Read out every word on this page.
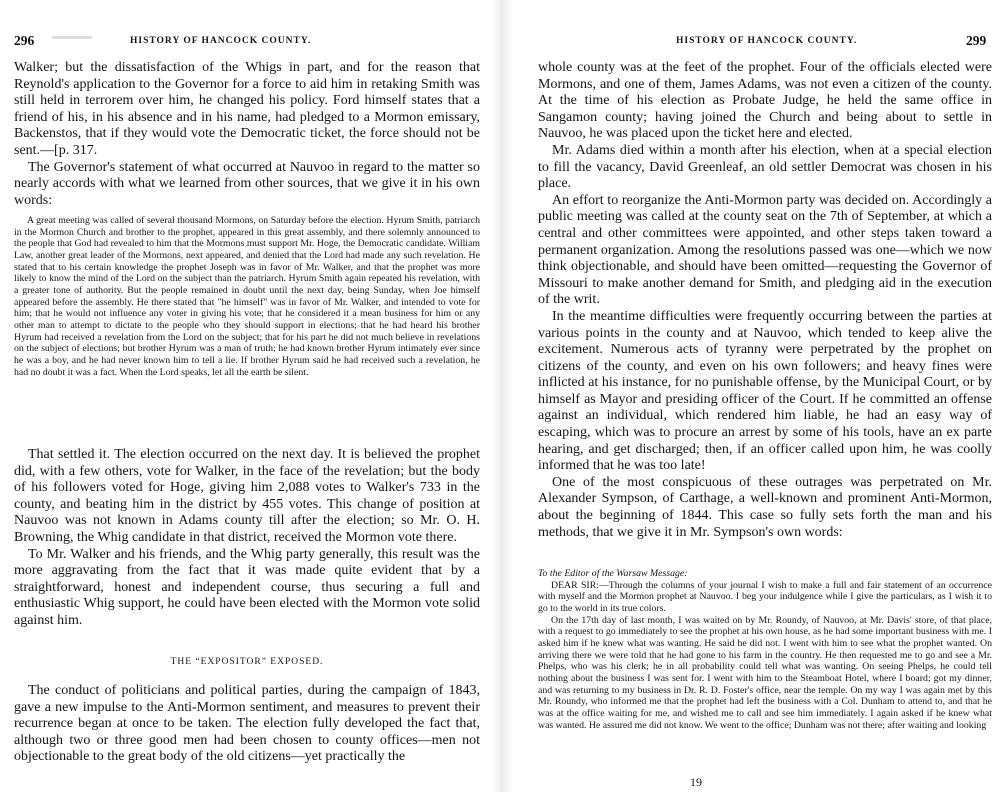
296	HISTORY OF HANCOCK COUNTY.

Walker; but the dissatisfaction of the Whigs in part, and for the reason that Reynold's application to the Governor for a force to aid him in retaking Smith was still held in terrorem over him, he changed his policy. Ford himself states that a friend of his, in his absence and in his name, had pledged to a Mormon emissary, Backenstos, that if they would vote the Democratic ticket, the force should not be sent.—[p. 317.

The Governor's statement of what occurred at Nauvoo in regard to the matter so nearly accords with what we learned from other sources, that we give it in his own words:

A great meeting was called of several thousand Mormons, on Saturday before the election. Hyrum Smith, patriarch in the Mormon Church and brother to the prophet, appeared in this great assembly, and there solemnly announced to the people that God had revealed to him that the Mormons must support Mr. Hoge, the Democratic candidate. William Law, another great leader of the Mormons, next appeared, and denied that the Lord had made any such revelation. He stated that to his certain knowledge the prophet Joseph was in favor of Mr. Walker, and that the prophet was more likely to know the mind of the Lord on the subject than the patriarch. Hyrum Smith again repeated his revelation, with a greater tone of authority. But the people remained in doubt until the next day, being Sunday, when Joe himself appeared before the assembly. He there stated that "he himself" was in favor of Mr. Walker, and intended to vote for him; that he would not influence any voter in giving his vote; that he considered it a mean business for him or any other man to attempt to dictate to the people who they should support in elections; that he had heard his brother Hyrum had received a revelation from the Lord on the subject; that for his part he did not much believe in revelations on the subject of elections; but brother Hyrum was a man of truth; he had known brother Hyrum intimately ever since he was a boy, and he had never known him to tell a lie. If brother Hyrum said he had received such a revelation, he had no doubt it was a fact. When the Lord speaks, let all the earth be silent.

That settled it. The election occurred on the next day. It is believed the prophet did, with a few others, vote for Walker, in the face of the revelation; but the body of his followers voted for Hoge, giving him 2,088 votes to Walker's 733 in the county, and beating him in the district by 455 votes. This change of position at Nauvoo was not known in Adams county till after the election; so Mr. O. H. Browning, the Whig candidate in that district, received the Mormon vote there.

To Mr. Walker and his friends, and the Whig party generally, this result was the more aggravating from the fact that it was made quite evident that by a straightforward, honest and independent course, thus securing a full and enthusiastic Whig support, he could have been elected with the Mormon vote solid against him.

THE “EXPOSITOR” EXPOSED.

The conduct of politicians and political parties, during the campaign of 1843, gave a new impulse to the Anti-Mormon sentiment, and measures to prevent their recurrence began at once to be taken. The election fully developed the fact that, although two or three good men had been chosen to county offices—men not objectionable to the great body of the old citizens—yet practically the

HISTORY OF HANCOCK COUNTY.	299

whole county was at the feet of the prophet. Four of the officials elected were Mormons, and one of them, James Adams, was not even a citizen of the county. At the time of his election as Probate Judge, he held the same office in Sangamon county; having joined the Church and being about to settle in Nauvoo, he was placed upon the ticket here and elected.

Mr. Adams died within a month after his election, when at a special election to fill the vacancy, David Greenleaf, an old settler Democrat was chosen in his place.

An effort to reorganize the Anti-Mormon party was decided on. Accordingly a public meeting was called at the county seat on the 7th of September, at which a central and other committees were appointed, and other steps taken toward a permanent organization. Among the resolutions passed was one—which we now think objectionable, and should have been omitted—requesting the Governor of Missouri to make another demand for Smith, and pledging aid in the execution of the writ.

In the meantime difficulties were frequently occurring between the parties at various points in the county and at Nauvoo, which tended to keep alive the excitement. Numerous acts of tyranny were perpetrated by the prophet on citizens of the county, and even on his own followers; and heavy fines were inflicted at his instance, for no punishable offense, by the Municipal Court, or by himself as Mayor and presiding officer of the Court. If he committed an offense against an individual, which rendered him liable, he had an easy way of escaping, which was to procure an arrest by some of his tools, have an ex parte hearing, and get discharged; then, if an officer called upon him, he was coolly informed that he was too late!

One of the most conspicuous of these outrages was perpetrated on Mr. Alexander Sympson, of Carthage, a well-known and prominent Anti-Mormon, about the beginning of 1844. This case so fully sets forth the man and his methods, that we give it in Mr. Sympson's own words:

To the Editor of the Warsaw Message:

DEAR SIR:—Through the columns of your journal I wish to make a full and fair statement of an occurrence with myself and the Mormon prophet at Nauvoo. I beg your indulgence while I give the particulars, as I wish it to go to the world in its true colors.

On the 17th day of last month, I was waited on by Mr. Roundy, of Nauvoo, at Mr. Davis' store, of that place, with a request to go immediately to see the prophet at his own house, as he had some important business with me. I asked him if he knew what was wanting. He said he did not. I went with him to see what the prophet wanted. On arriving there we were told that he had gone to his farm in the country. He then requested me to go and see a Mr. Phelps, who was his clerk; he in all probability could tell what was wanting. On seeing Phelps, he could tell nothing about the business I was sent for. I went with him to the Steamboat Hotel, where I board; got my dinner, and was returning to my business in Dr. R. D. Foster's office, near the temple. On my way I was again met by this Mr. Roundy, who informed me that the prophet had left the business with a Col. Dunham to attend to, and that he was at the office waiting for me, and wished me to call and see him immediately. I again asked if he knew what was wanted. He assured me did not know. We went to the office; Dunham was not there; after waiting and looking

19
